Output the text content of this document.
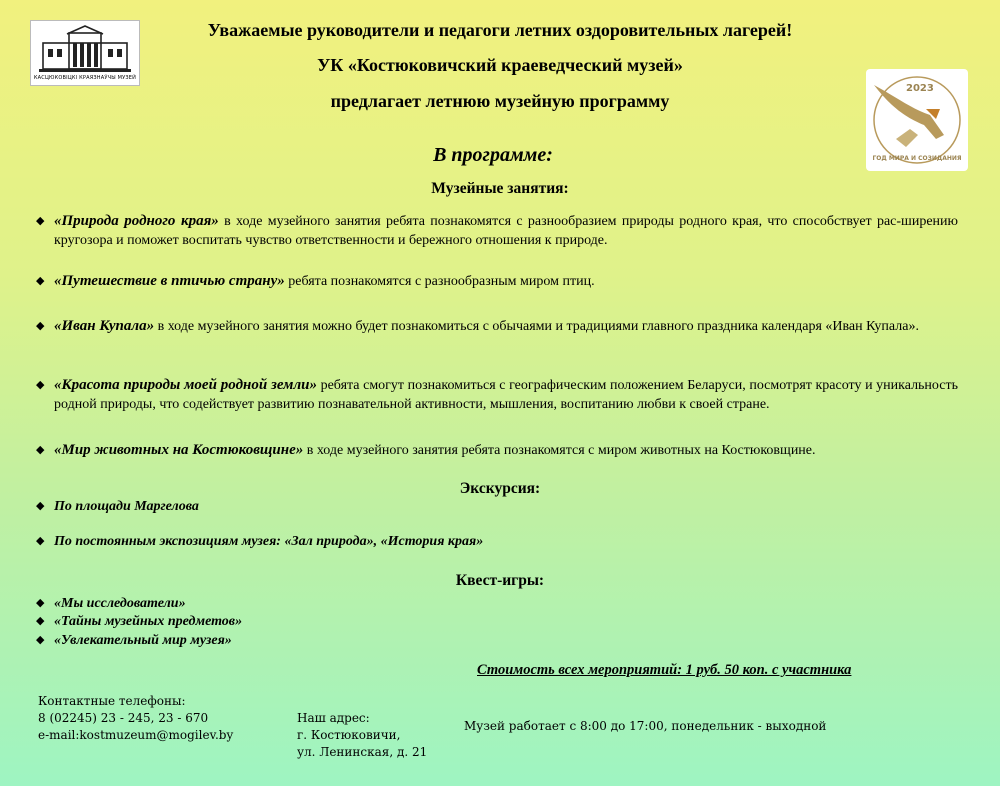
КАСЦЮКОВІЦКІ КРАЯЗНАЎЧЫ МУЗЕЙ
2023
ГОД МИРА И СОЗИДАНИЯ
Уважаемые руководители и педагоги летних оздоровительных лагерей!
УК «Костюковичский краеведческий музей»
предлагает летнюю музейную программу
В программе:
Музейные занятия:
◆ «Природа родного края» в ходе музейного занятия ребята познакомятся с разнообразием природы родного края, что способствует рас-ширению кругозора и поможет воспитать чувство ответственности и бережного отношения к природе.
◆ «Путешествие в птичью страну» ребята познакомятся с разнообразным миром птиц.
◆ «Иван Купала» в ходе музейного занятия можно будет познакомиться с обычаями и традициями главного праздника календаря «Иван Купала».
◆ «Красота природы моей родной земли» ребята смогут познакомиться с географическим положением Беларуси, посмотрят красоту и уникальность родной природы, что содействует развитию познавательной активности, мышления, воспитанию любви к своей стране.
◆ «Мир животных на Костюковщине» в ходе музейного занятия ребята познакомятся с миром животных на Костюковщине.
Экскурсия:
◆ По площади Маргелова
◆ По постоянным экспозициям музея: «Зал природа», «История края»
Квест-игры:
◆ «Мы исследователи»
◆ «Тайны музейных предметов»
◆ «Увлекательный мир музея»
Стоимость всех мероприятий: 1 руб. 50 коп. с участника
Контактные телефоны:
8 (02245) 23 - 245, 23 - 670
e-mail:kostmuzeum@mogilev.by
Наш адрес:
г. Костюковичи,
ул. Ленинская, д. 21
Музей работает с 8:00 до 17:00, понедельник - выходной
